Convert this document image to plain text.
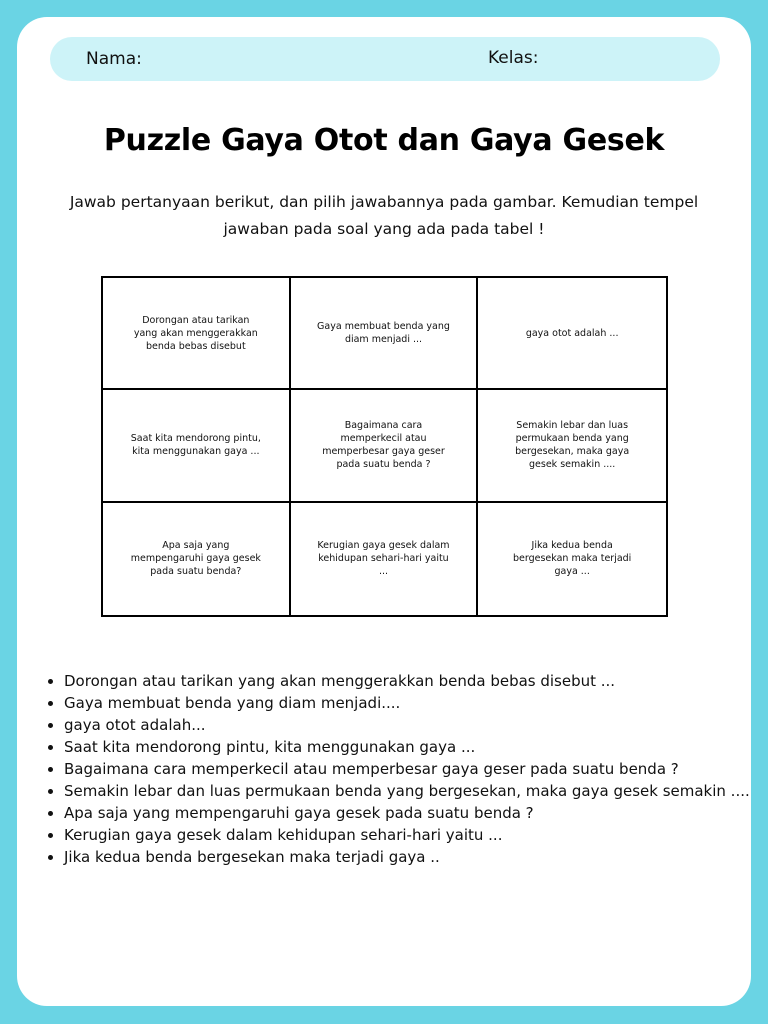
Nama:	Kelas:
Puzzle Gaya Otot dan Gaya Gesek
Jawab pertanyaan berikut, dan pilih jawabannya pada gambar. Kemudian tempel jawaban pada soal yang ada pada tabel !
Dorongan atau tarikan yang akan menggerakkan benda bebas disebut
Gaya membuat benda yang diam menjadi ...
gaya otot adalah ...
Saat kita mendorong pintu, kita menggunakan gaya ...
Bagaimana cara memperkecil atau memperbesar gaya geser pada suatu benda ?
Semakin lebar dan luas permukaan benda yang bergesekan, maka gaya gesek semakin ....
Apa saja yang mempengaruhi gaya gesek pada suatu benda?
Kerugian gaya gesek dalam kehidupan sehari-hari yaitu ...
Jika kedua benda bergesekan maka terjadi gaya ...
• Dorongan atau tarikan yang akan menggerakkan benda bebas disebut ...
• Gaya membuat benda yang diam menjadi....
• gaya otot adalah...
• Saat kita mendorong pintu, kita menggunakan gaya ...
• Bagaimana cara memperkecil atau memperbesar gaya geser pada suatu benda ?
• Semakin lebar dan luas permukaan benda yang bergesekan, maka gaya gesek semakin ....
• Apa saja yang mempengaruhi gaya gesek pada suatu benda ?
• Kerugian gaya gesek dalam kehidupan sehari-hari yaitu ...
• Jika kedua benda bergesekan maka terjadi gaya ..
